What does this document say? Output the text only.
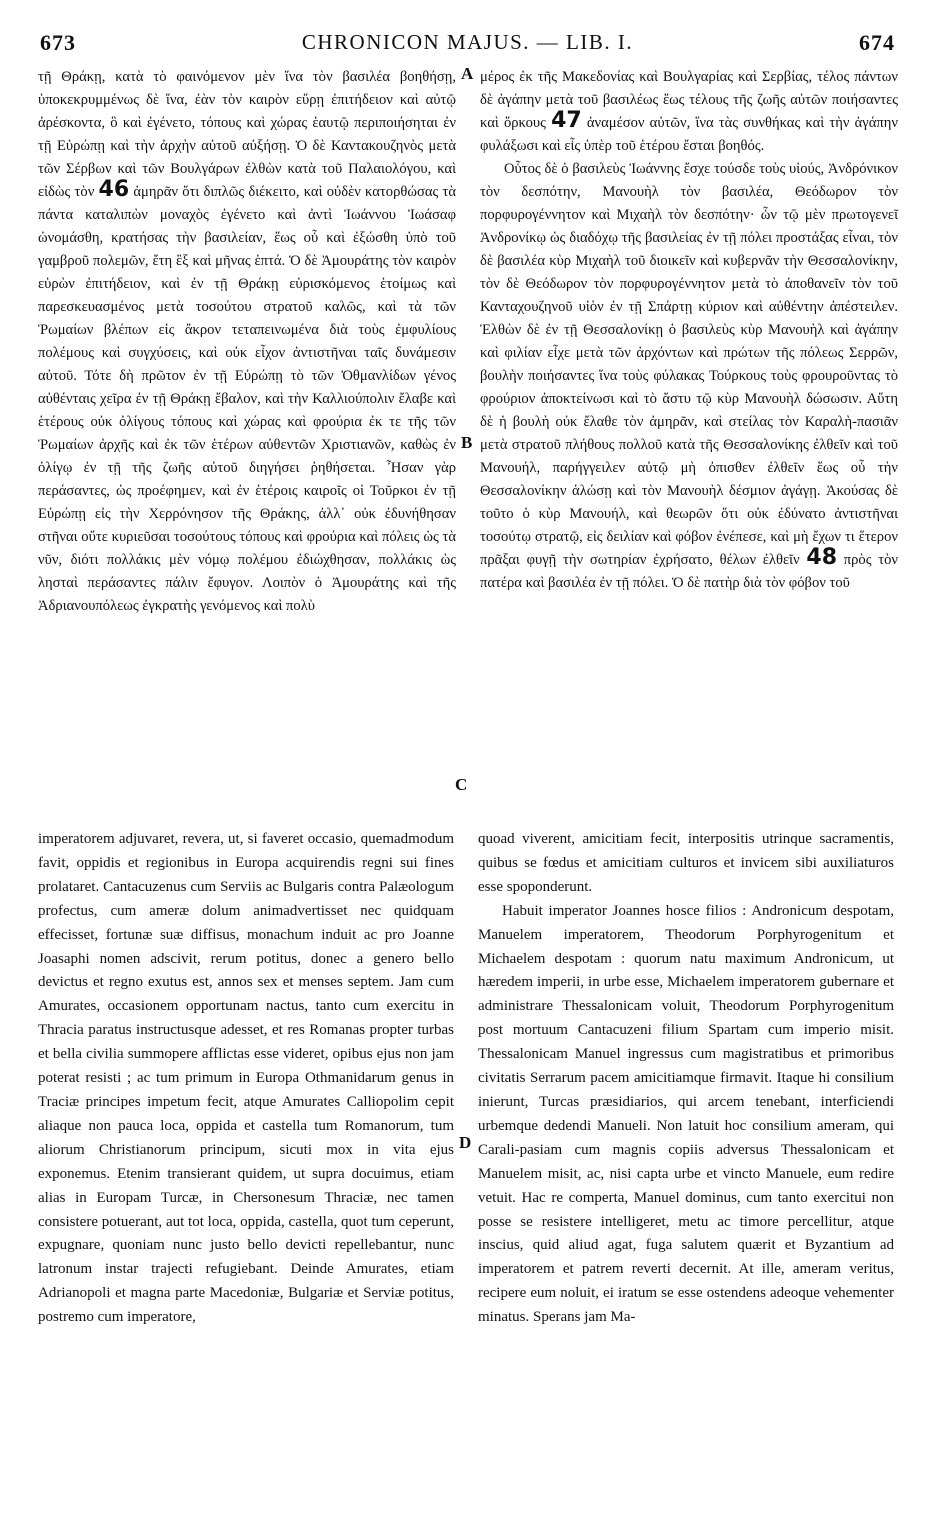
673	CHRONICON MAJUS. — LIB. I.	674

τῇ Θράκῃ, κατὰ τὸ φαινόμενον μὲν ἵνα τὸν βασιλέα βοηθήσῃ, ὑποκεκρυμμένως δὲ ἵνα, ἐὰν τὸν καιρὸν εὕρῃ ἐπιτήδειον καὶ αὐτῷ ἀρέσκοντα, ὃ καὶ ἐγένετο, τόπους καὶ χώρας ἑαυτῷ περιποιήσηται ἐν τῇ Εὐρώπῃ καὶ τὴν ἀρχὴν αὐτοῦ αὐξήσῃ. Ὁ δὲ Καντακουζηνὸς μετὰ τῶν Σέρβων καὶ τῶν Βουλγάρων ἐλθὼν κατὰ τοῦ Παλαιολόγου, καὶ εἰδὼς τὸν 46 ἀμηρᾶν ὅτι διπλῶς διέκειτο, καὶ οὐδὲν κατορθώσας τὰ πάντα καταλιπὼν μοναχὸς ἐγένετο καὶ ἀντὶ Ἰωάννου Ἰωάσαφ ὠνομάσθη, κρατήσας τὴν βασιλείαν, ἕως οὗ καὶ ἐξώσθη ὑπὸ τοῦ γαμβροῦ πολεμῶν, ἔτη ἓξ καὶ μῆνας ἑπτά. Ὁ δὲ Ἀμουράτης τὸν καιρὸν εὑρὼν ἐπιτήδειον, καὶ ἐν τῇ Θράκῃ εὑρισκόμενος ἑτοίμως καὶ παρεσκευασμένος μετὰ τοσούτου στρατοῦ καλῶς, καὶ τὰ τῶν Ῥωμαίων βλέπων εἰς ἄκρον τεταπεινωμένα διὰ τοὺς ἐμφυλίους πολέμους καὶ συγχύσεις, καὶ οὐκ εἶχον ἀντιστῆναι ταῖς δυνάμεσιν αὐτοῦ. Τότε δὴ πρῶτον ἐν τῇ Εὐρώπῃ τὸ τῶν Ὀθμανλίδων γένος αὐθένταις χεῖρα ἐν τῇ Θράκῃ ἔβαλον, καὶ τὴν Καλλιούπολιν ἔλαβε καὶ ἑτέρους οὐκ ὀλίγους τόπους καὶ χώρας καὶ φρούρια ἐκ τε τῆς τῶν Ῥωμαίων ἀρχῆς καὶ ἐκ τῶν ἑτέρων αὐθεντῶν Χριστιανῶν, καθὼς ἐν ὀλίγῳ ἐν τῇ τῆς ζωῆς αὐτοῦ διηγήσει ῥηθήσεται. Ἦσαν γὰρ περάσαντες, ὡς προέφημεν, καὶ ἐν ἑτέροις καιροῖς οἱ Τοῦρκοι ἐν τῇ Εὐρώπῃ εἰς τὴν Χερρόνησον τῆς Θράκης, ἀλλ᾽ οὐκ ἐδυνήθησαν στῆναι οὔτε κυριεῦσαι τοσούτους τόπους καὶ φρούρια καὶ πόλεις ὡς τὰ νῦν, διότι πολλάκις μὲν νόμῳ πολέμου ἐδιώχθησαν, πολλάκις ὡς λησταὶ περάσαντες πάλιν ἔφυγον. Λοιπὸν ὁ Ἀμουράτης καὶ τῆς Ἀδριανουπόλεως ἐγκρατὴς γενόμενος καὶ πολὺ

A
B
C
D

μέρος ἐκ τῆς Μακεδονίας καὶ Βουλγαρίας καὶ Σερβίας, τέλος πάντων δὲ ἀγάπην μετὰ τοῦ βασιλέως ἕως τέλους τῆς ζωῆς αὐτῶν ποιήσαντες καὶ ὅρκους 47 ἀναμέσον αὐτῶν, ἵνα τὰς συνθήκας καὶ τὴν ἀγάπην φυλάξωσι καὶ εἷς ὑπὲρ τοῦ ἑτέρου ἔσται βοηθός.

Οὗτος δὲ ὁ βασιλεὺς Ἰωάννης ἔσχε τούσδε τοὺς υἱούς, Ἀνδρόνικον τὸν δεσπότην, Μανουὴλ τὸν βασιλέα, Θεόδωρον τὸν πορφυρογέννητον καὶ Μιχαὴλ τὸν δεσπότην· ὧν τῷ μὲν πρωτογενεῖ Ἀνδρονίκῳ ὡς διαδόχῳ τῆς βασιλείας ἐν τῇ πόλει προστάξας εἶναι, τὸν δὲ βασιλέα κὺρ Μιχαὴλ τοῦ διοικεῖν καὶ κυβερνᾶν τὴν Θεσσαλονίκην, τὸν δὲ Θεόδωρον τὸν πορφυρογέννητον μετὰ τὸ ἀποθανεῖν τὸν τοῦ Κανταχουζηνοῦ υἱὸν ἐν τῇ Σπάρτῃ κύριον καὶ αὐθέντην ἀπέστειλεν. Ἐλθὼν δὲ ἐν τῇ Θεσσαλονίκῃ ὁ βασιλεὺς κὺρ Μανουὴλ καὶ ἀγάπην καὶ φιλίαν εἶχε μετὰ τῶν ἀρχόντων καὶ πρώτων τῆς πόλεως Σερρῶν, βουλὴν ποιήσαντες ἵνα τοὺς φύλακας Τούρκους τοὺς φρουροῦντας τὸ φρούριον ἀποκτείνωσι καὶ τὸ ἄστυ τῷ κὺρ Μανουὴλ δώσωσιν. Αὕτη δὲ ἡ βουλὴ οὐκ ἔλαθε τὸν ἀμηρᾶν, καὶ στείλας τὸν Καραλὴ-πασιᾶν μετὰ στρατοῦ πλήθους πολλοῦ κατὰ τῆς Θεσσαλονίκης ἐλθεῖν καὶ τοῦ Μανουήλ, παρήγγειλεν αὐτῷ μὴ ὀπισθεν ἐλθεῖν ἕως οὗ τὴν Θεσσαλονίκην ἁλώσῃ καὶ τὸν Μανουὴλ δέσμιον ἀγάγῃ. Ἀκούσας δὲ τοῦτο ὁ κὺρ Μανουήλ, καὶ θεωρῶν ὅτι οὐκ ἐδύνατο ἀντιστῆναι τοσούτῳ στρατῷ, εἰς δειλίαν καὶ φόβον ἐνέπεσε, καὶ μὴ ἔχων τι ἕτερον πρᾶξαι φυγῇ τὴν σωτηρίαν ἐχρήσατο, θέλων ἐλθεῖν 48 πρὸς τὸν πατέρα καὶ βασιλέα ἐν τῇ πόλει. Ὁ δὲ πατὴρ διὰ τὸν φόβον τοῦ

imperatorem adjuvaret, revera, ut, si faveret occasio, quemadmodum favit, oppidis et regionibus in Europa acquirendis regni sui fines prolataret. Cantacuzenus cum Serviis ac Bulgaris contra Palæologum profectus, cum ameræ dolum animadvertisset nec quidquam effecisset, fortunæ suæ diffisus, monachum induit ac pro Joanne Joasaphi nomen adscivit, rerum potitus, donec a genero bello devictus et regno exutus est, annos sex et menses septem. Jam cum Amurates, occasionem opportunam nactus, tanto cum exercitu in Thracia paratus instructusque adesset, et res Romanas propter turbas et bella civilia summopere afflictas esse videret, opibus ejus non jam poterat resisti ; ac tum primum in Europa Othmanidarum genus in Traciæ principes impetum fecit, atque Amurates Calliopolim cepit aliaque non pauca loca, oppida et castella tum Romanorum, tum aliorum Christianorum principum, sicuti mox in vita ejus exponemus. Etenim transierant quidem, ut supra docuimus, etiam alias in Europam Turcæ, in Chersonesum Thraciæ, nec tamen consistere potuerant, aut tot loca, oppida, castella, quot tum ceperunt, expugnare, quoniam nunc justo bello devicti repellebantur, nunc latronum instar trajecti refugiebant. Deinde Amurates, etiam Adrianopoli et magna parte Macedoniæ, Bulgariæ et Serviæ potitus, postremo cum imperatore,

quoad viverent, amicitiam fecit, interpositis utrinque sacramentis, quibus se fœdus et amicitiam culturos et invicem sibi auxiliaturos esse spoponderunt.

Habuit imperator Joannes hosce filios : Andronicum despotam, Manuelem imperatorem, Theodorum Porphyrogenitum et Michaelem despotam : quorum natu maximum Andronicum, ut hæredem imperii, in urbe esse, Michaelem imperatorem gubernare et administrare Thessalonicam voluit, Theodorum Porphyrogenitum post mortuum Cantacuzeni filium Spartam cum imperio misit. Thessalonicam Manuel ingressus cum magistratibus et primoribus civitatis Serrarum pacem amicitiamque firmavit. Itaque hi consilium inierunt, Turcas præsidiarios, qui arcem tenebant, interficiendi urbemque dedendi Manueli. Non latuit hoc consilium ameram, qui Carali-pasiam cum magnis copiis adversus Thessalonicam et Manuelem misit, ac, nisi capta urbe et vincto Manuele, eum redire vetuit. Hac re comperta, Manuel dominus, cum tanto exercitui non posse se resistere intelligeret, metu ac timore percellitur, atque inscius, quid aliud agat, fuga salutem quærit et Byzantium ad imperatorem et patrem reverti decernit. At ille, ameram veritus, recipere eum noluit, ei iratum se esse ostendens adeoque vehementer minatus. Sperans jam Ma-
